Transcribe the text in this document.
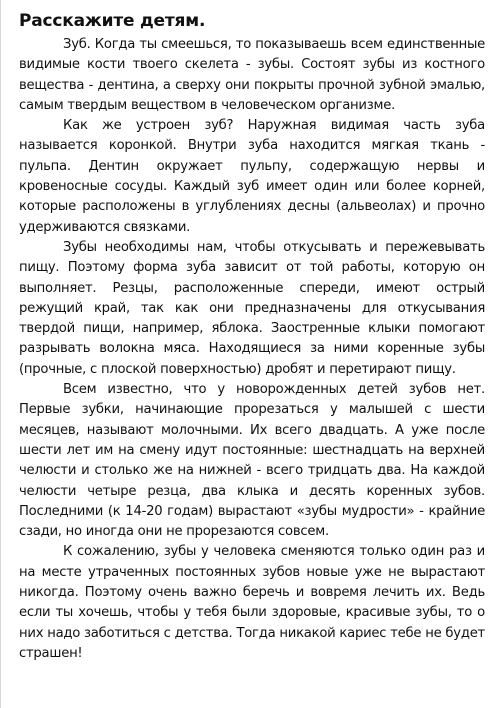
Расскажите детям.

Зуб. Когда ты смеешься, то показываешь всем единственные видимые кости твоего скелета - зубы. Состоят зубы из костного вещества - дентина, а сверху они покрыты прочной зубной эмалью, самым твердым веществом в человеческом организме.

Как же устроен зуб? Наружная видимая часть зуба называется коронкой. Внутри зуба находится мягкая ткань - пульпа. Дентин окружает пульпу, содержащую нервы и кровеносные сосуды. Каждый зуб имеет один или более корней, которые расположены в углублениях десны (альвеолах) и прочно удерживаются связками.

Зубы необходимы нам, чтобы откусывать и пережевывать пищу. Поэтому форма зуба зависит от той работы, которую он выполняет. Резцы, расположенные спереди, имеют острый режущий край, так как они предназначены для откусывания твердой пищи, например, яблока. Заостренные клыки помогают разрывать волокна мяса. Находящиеся за ними коренные зубы (прочные, с плоской поверхностью) дробят и перетирают пищу.

Всем известно, что у новорожденных детей зубов нет. Первые зубки, начинающие прорезаться у малышей с шести месяцев, называют молочными. Их всего двадцать. А уже после шести лет им на смену идут постоянные: шестнадцать на верхней челюсти и столько же на нижней - всего тридцать два. На каждой челюсти четыре резца, два клыка и десять коренных зубов. Последними (к 14-20 годам) вырастают «зубы мудрости» - крайние сзади, но иногда они не прорезаются совсем.

К сожалению, зубы у человека сменяются только один раз и на месте утраченных постоянных зубов новые уже не вырастают никогда. Поэтому очень важно беречь и вовремя лечить их. Ведь если ты хочешь, чтобы у тебя были здоровые, красивые зубы, то о них надо заботиться с детства. Тогда никакой кариес тебе не будет страшен!
